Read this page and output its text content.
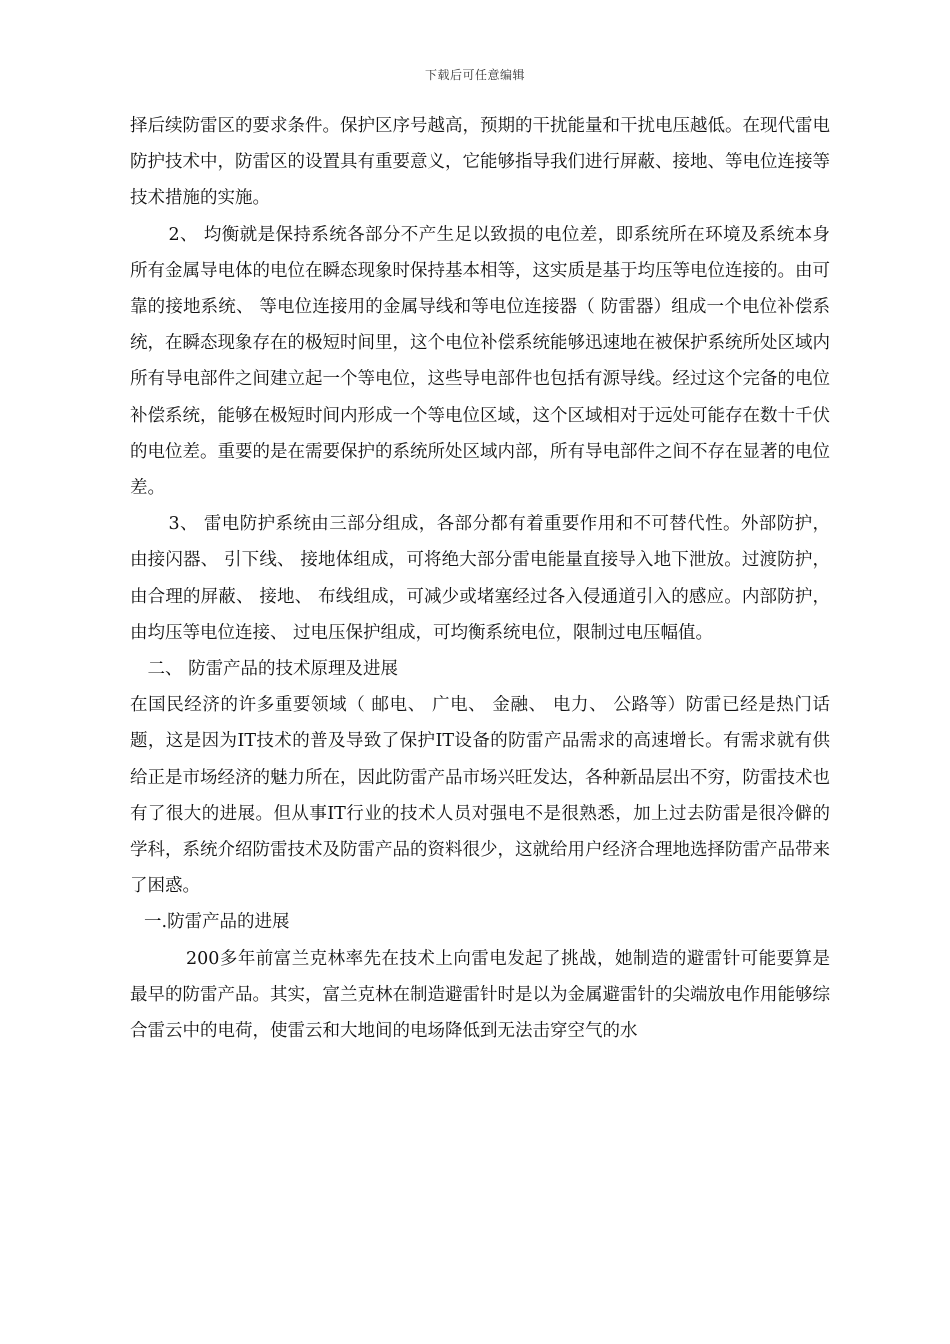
下载后可任意编辑

择后续防雷区的要求条件。保护区序号越高，预期的干扰能量和干扰电压越低。在现代雷电防护技术中，防雷区的设置具有重要意义，它能够指导我们进行屏蔽、接地、等电位连接等技术措施的实施。

2、 均衡就是保持系统各部分不产生足以致损的电位差，即系统所在环境及系统本身所有金属导电体的电位在瞬态现象时保持基本相等，这实质是基于均压等电位连接的。由可靠的接地系统、 等电位连接用的金属导线和等电位连接器（ 防雷器）组成一个电位补偿系统，在瞬态现象存在的极短时间里，这个电位补偿系统能够迅速地在被保护系统所处区域内所有导电部件之间建立起一个等电位，这些导电部件也包括有源导线。经过这个完备的电位补偿系统，能够在极短时间内形成一个等电位区域，这个区域相对于远处可能存在数十千伏的电位差。重要的是在需要保护的系统所处区域内部，所有导电部件之间不存在显著的电位差。

3、 雷电防护系统由三部分组成，各部分都有着重要作用和不可替代性。外部防护，由接闪器、 引下线、 接地体组成，可将绝大部分雷电能量直接导入地下泄放。过渡防护，由合理的屏蔽、 接地、 布线组成，可减少或堵塞经过各入侵通道引入的感应。内部防护，由均压等电位连接、 过电压保护组成，可均衡系统电位，限制过电压幅值。

二、 防雷产品的技术原理及进展

在国民经济的许多重要领域（ 邮电、 广电、 金融、 电力、 公路等）防雷已经是热门话题，这是因为IT技术的普及导致了保护IT设备的防雷产品需求的高速增长。有需求就有供给正是市场经济的魅力所在，因此防雷产品市场兴旺发达，各种新品层出不穷，防雷技术也有了很大的进展。但从事IT行业的技术人员对强电不是很熟悉，加上过去防雷是很冷僻的学科，系统介绍防雷技术及防雷产品的资料很少，这就给用户经济合理地选择防雷产品带来了困惑。

一.防雷产品的进展

200多年前富兰克林率先在技术上向雷电发起了挑战，她制造的避雷针可能要算是最早的防雷产品。其实，富兰克林在制造避雷针时是以为金属避雷针的尖端放电作用能够综合雷云中的电荷，使雷云和大地间的电场降低到无法击穿空气的水
